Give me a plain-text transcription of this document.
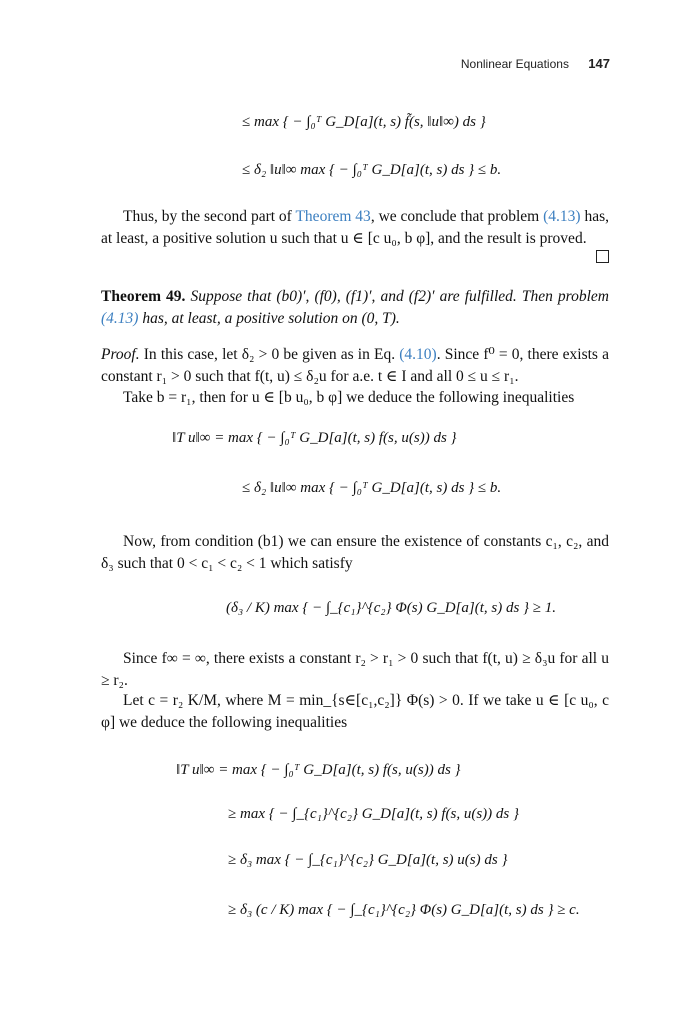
Nonlinear Equations 147
≤ max { − ∫₀ᵀ G_D[a](t, s) f̃(s, ‖u‖∞) ds }
≤ δ₂ ‖u‖∞ max { − ∫₀ᵀ G_D[a](t, s) ds } ≤ b.
Thus, by the second part of Theorem 43, we conclude that problem (4.13) has, at least, a positive solution u such that u ∈ [c u₀, b φ], and the result is proved.
Theorem 49. Suppose that (b0)′, (f0), (f1)′, and (f2)′ are fulfilled. Then problem (4.13) has, at least, a positive solution on (0, T).
Proof. In this case, let δ₂ > 0 be given as in Eq. (4.10). Since f⁰ = 0, there exists a constant r₁ > 0 such that f(t, u) ≤ δ₂u for a.e. t ∈ I and all 0 ≤ u ≤ r₁.
Take b = r₁, then for u ∈ [b u₀, b φ] we deduce the following inequalities
‖T u‖∞ = max { − ∫₀ᵀ G_D[a](t, s) f(s, u(s)) ds }
≤ δ₂ ‖u‖∞ max { − ∫₀ᵀ G_D[a](t, s) ds } ≤ b.
Now, from condition (b1) we can ensure the existence of constants c₁, c₂, and δ₃ such that 0 < c₁ < c₂ < 1 which satisfy
(δ₃ / K) max { − ∫_{c₁}^{c₂} Φ(s) G_D[a](t, s) ds } ≥ 1.
Since f∞ = ∞, there exists a constant r₂ > r₁ > 0 such that f(t, u) ≥ δ₃u for all u ≥ r₂.
Let c = r₂ K/M, where M = min_{s∈[c₁,c₂]} Φ(s) > 0. If we take u ∈ [c u₀, c φ] we deduce the following inequalities
‖T u‖∞ = max { − ∫₀ᵀ G_D[a](t, s) f(s, u(s)) ds }
≥ max { − ∫_{c₁}^{c₂} G_D[a](t, s) f(s, u(s)) ds }
≥ δ₃ max { − ∫_{c₁}^{c₂} G_D[a](t, s) u(s) ds }
≥ δ₃ (c / K) max { − ∫_{c₁}^{c₂} Φ(s) G_D[a](t, s) ds } ≥ c.
